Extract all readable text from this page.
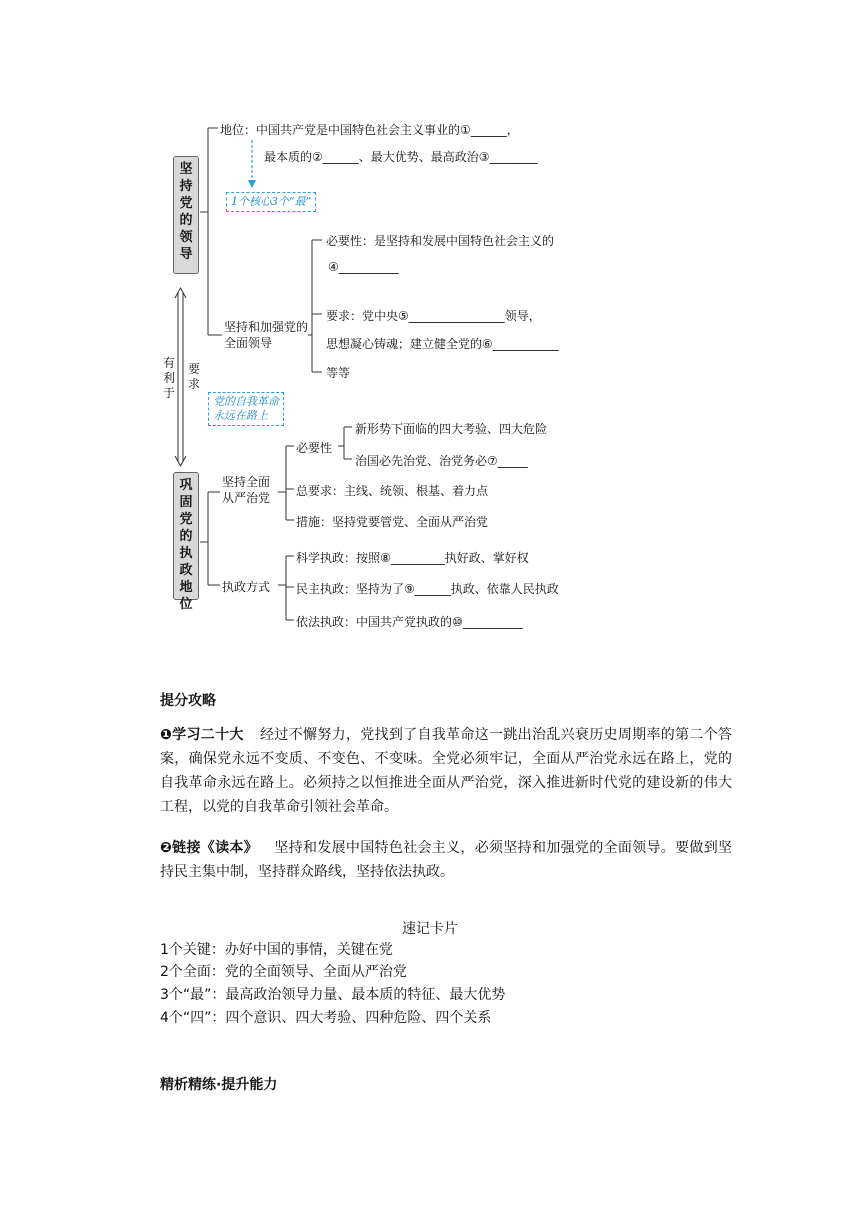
坚持党的领导
巩固党的执政地位
有利于
要求
1个核心3个“最”
党的自我革命
永远在路上
地位：中国共产党是中国特色社会主义事业的①______，
最本质的②______、最大优势、最高政治③________
坚持和加强党的全面领导
必要性：是坚持和发展中国特色社会主义的
④__________
要求：党中央⑤________________领导，
思想凝心铸魂；建立健全党的⑥___________
等等
坚持全面从严治党
必要性
新形势下面临的四大考验、四大危险
治国必先治党、治党务必⑦_____
总要求：主线、统领、根基、着力点
措施：坚持党要管党、全面从严治党
执政方式
科学执政：按照⑧_________执好政、掌好权
民主执政：坚持为了⑨______执政、依靠人民执政
依法执政：中国共产党执政的⑩__________
提分攻略
❶学习二十大 经过不懈努力，党找到了自我革命这一跳出治乱兴衰历史周期率的第二个答案，确保党永远不变质、不变色、不变味。全党必须牢记，全面从严治党永远在路上，党的自我革命永远在路上。必须持之以恒推进全面从严治党，深入推进新时代党的建设新的伟大工程，以党的自我革命引领社会革命。
❷链接《读本》 坚持和发展中国特色社会主义，必须坚持和加强党的全面领导。要做到坚持民主集中制，坚持群众路线，坚持依法执政。
速记卡片
1个关键：办好中国的事情，关键在党
2个全面：党的全面领导、全面从严治党
3个“最”：最高政治领导力量、最本质的特征、最大优势
4个“四”：四个意识、四大考验、四种危险、四个关系
精析精练·提升能力
